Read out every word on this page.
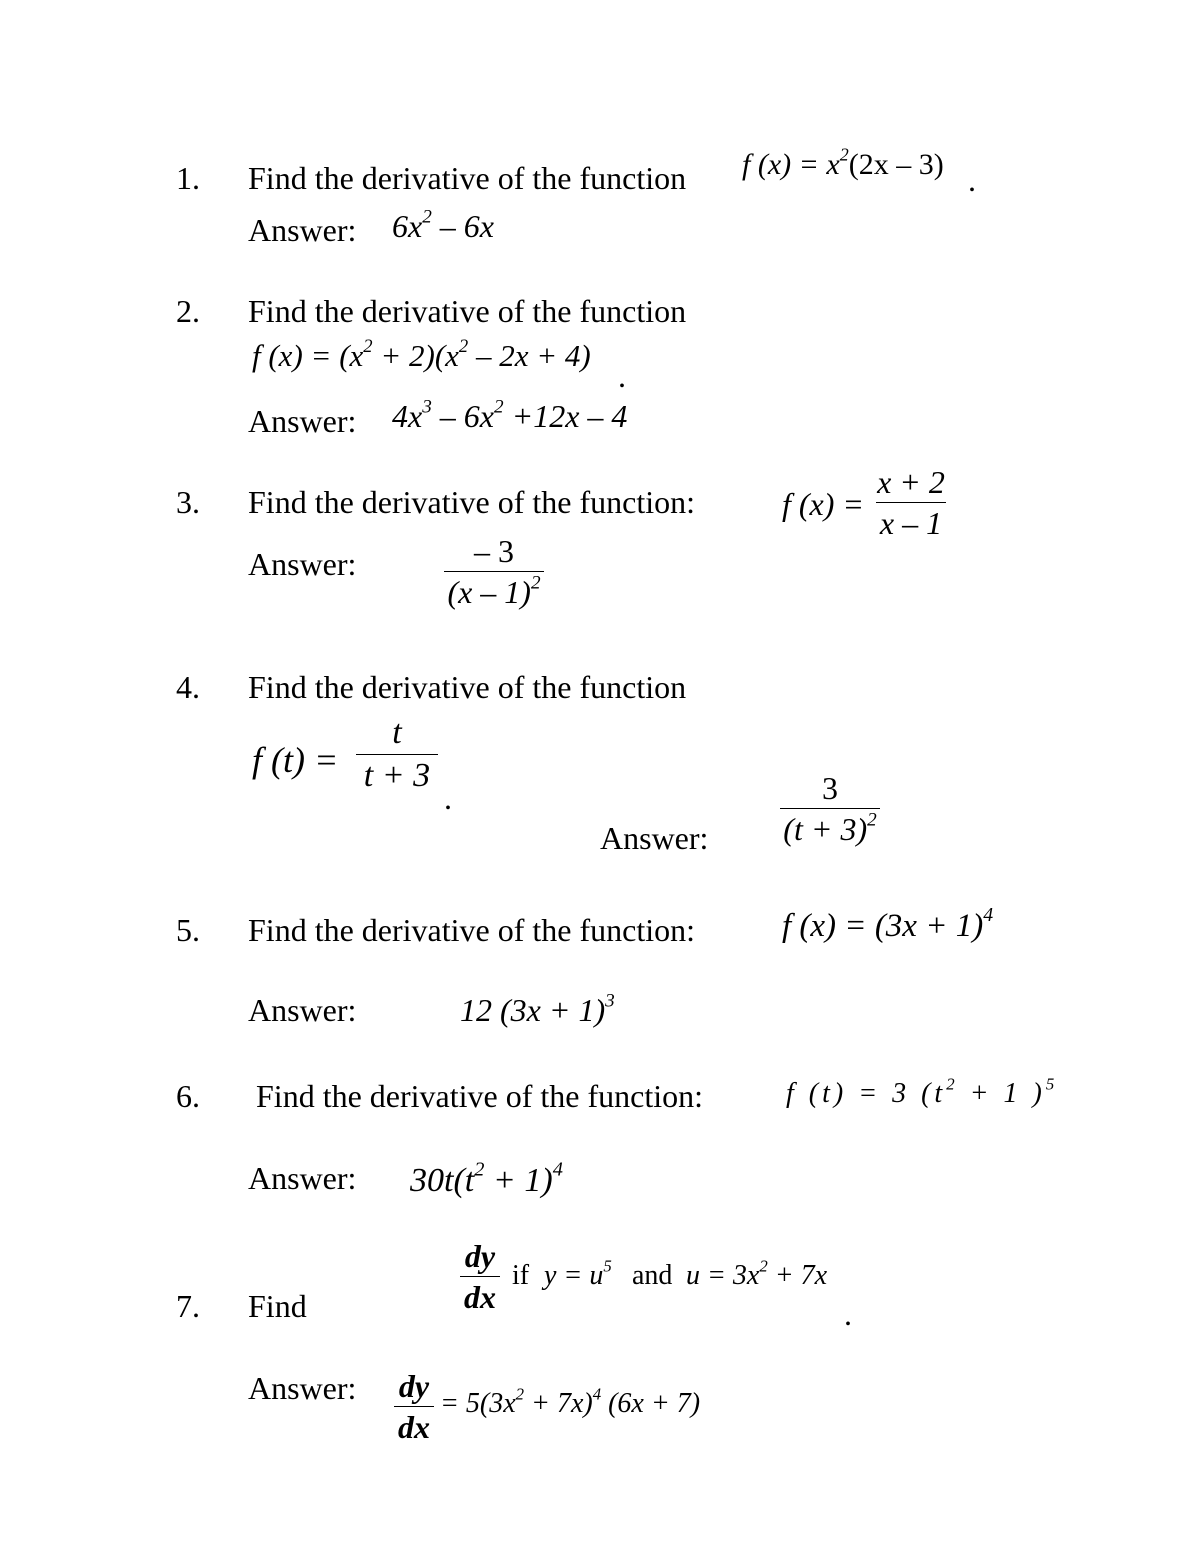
1. Find the derivative of the function f $(x) = x^2(2x - 3)$ .
Answer: $6x^2 - 6x$
2. Find the derivative of the function
f $(x) = (x^2 + 2)(x^2 - 2x + 4)$
.
Answer: $4x^3 - 6x^2 +12x - 4$
3. Find the derivative of the function:	f (x) =
x + 2
x – 1
Answer:	– 3
(x – 1)$^2$
4. Find the derivative of the function
f (t) =
t
t + 3
.
Answer:
3
$(t + 3)^2$
5. Find the derivative of the function:	f $(x) = (3x + 1)^4$
Answer:	12 $(3x + 1)^3$
6. Find the derivative of the function:	f (t) = 3 ($t^2 + 1$ )$^5$
Answer: $30t(t^2 + 1)^4$
7. Find
dy
dx
if $y = u^5$ and $u = 3x^2 + 7x$
.
Answer: dy
dx
= $5(3x^2 + 7x)^4$ (6x + 7)
